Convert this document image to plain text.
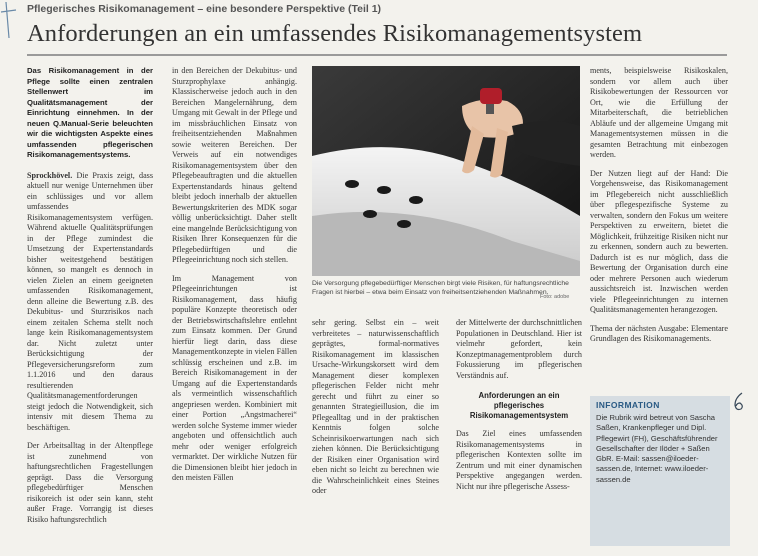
Pflegerisches Risikomanagement – eine besondere Perspektive (Teil 1)
Anforderungen an ein umfassendes Risikomanagementsystem

Das Risikomanagement in der Pflege sollte einen zentralen Stellenwert im Qualitätsmanagement der Einrichtung einnehmen. In der neuen Q.Manual-Serie beleuchten wir die wichtigsten Aspekte eines umfassenden pflegerischen Risikomanagementsystems.

Sprockhövel. Die Praxis zeigt, dass aktuell nur wenige Unternehmen über ein schlüssiges und vor allem umfassendes Risikomanagementsystem verfügen. Während aktuelle Qualitätsprüfungen in der Pflege zumindest die Umsetzung der Expertenstandards bisher weitestgehend bestätigen können, so mangelt es dennoch in vielen Zielen an einem geeigneten umfassenden Risikomanagement, denn alleine die Bewertung z.B. des Dekubitus- und Sturzrisikos nach einem zeitalen Schema stellt noch lange kein Risikomanagementsystem dar. Nicht zuletzt unter Berücksichtigung der Pflegeversicherungsreform zum 1.1.2016 und den daraus resultierenden Qualitätsmanagementforderungen steigt jedoch die Notwendigkeit, sich intensiv mit diesem Thema zu beschäftigen.

Der Arbeitsalltag in der Altenpflege ist zunehmend von haftungsrechtlichen Fragestellungen geprägt. Dass die Versorgung pflegebedürftiger Menschen risikoreich ist oder sein kann, steht außer Frage. Vorrangig ist dieses Risiko haftungsrechtlich

in den Bereichen der Dekubitus- und Sturzprophylaxe anhängig. Klassischerweise jedoch auch in den Bereichen Mangelernährung, dem Umgang mit Gewalt in der Pflege und im missbräuchlichen Einsatz von freiheitsentziehenden Maßnahmen sowie weiteren Bereichen. Der Verweis auf ein notwendiges Risikomanagementsystem über den Pflegebeauftragten und die aktuellen Expertenstandards hinaus geltend bleibt jedoch innerhalb der aktuellen Bewertungskriterien des MDK sogar völlig unberücksichtigt. Daher stellt eine mangelnde Berücksichtigung von Risiken Ihrer Konsequenzen für die Pflegebedürftigen und die Pflegeeinrichtung noch sich stellen.

Im Management von Pflegeeinrichtungen ist Risikomanagement, dass häufig populäre Konzepte theoretisch oder der Betriebswirtschaftslehre entlehnt zum Einsatz kommen. Der Grund hierfür liegt darin, dass diese Managementkonzepte in vielen Fällen schlüssig erscheinen und z.B. im Bereich Risikomanagement in der Umgang auf die Expertenstandards als vermeintlich wissenschaftlich angepriesen werden. Kombiniert mit einer Portion „Angstmacherei“ werden solche Systeme immer wieder angeboten und offensichtlich auch mehr oder weniger erfolgreich vermarktet. Der wirkliche Nutzen für die Dimensionen bleibt hier jedoch in den meisten Fällen

Die Versorgung pflegebedürftiger Menschen birgt viele Risiken, für haftungsrechtliche Fragen ist hierbei – etwa beim Einsatz von freiheitsentziehenden Maßnahmen.
Foto: adobe

sehr gering. Selbst ein – weit verbreitetes – naturwissenschaftlich geprägtes, formal-normatives Risikomanagement im klassischen Ursache-Wirkungskorsett wird dem Management dieser komplexen pflegerischen Felder nicht mehr gerecht und führt zu einer so genannten Strategieillusion, die im Pflegealltag und in der praktischen Kenntnis folgen solche Scheinrisikoerwartungen nach sich ziehen können. Die Berücksichtigung der Risiken einer Organisation wird eben nicht so leicht zu berechnen wie die Wahrscheinlichkeit eines Steines oder

der Mittelwerte der durchschnittlichen Populationen in Deutschland. Hier ist vielmehr gefordert, kein Konzeptmanagementproblem durch Fokussierung im pflegerischen Verständnis auf.

Anforderungen an ein pflegerisches Risikomanagementsystem

Das Ziel eines umfassenden Risikomanagementsystems in pflegerischen Kontexten sollte im Zentrum und mit einer dynamischen Perspektive angegangen werden. Nicht nur ihre pflegerische Assess-

ments, beispielsweise Risikoskalen, sondern vor allem auch über Risikobewertungen der Ressourcen vor Ort, wie die Erfüllung der Mitarbeiterschaft, die betrieblichen Abläufe und der allgemeine Umgang mit Managementsystemen müssen in die gesamten Betrachtung mit einbezogen werden.

Der Nutzen liegt auf der Hand: Die Vorgehensweise, das Risikomanagement im Pflegebereich nicht ausschließlich über pflegespezifische Systeme zu verwalten, sondern den Fokus um weitere Perspektiven zu erweitern, bietet die Möglichkeit, frühzeitige Risiken nicht nur zu erkennen, sondern auch zu bewerten. Dadurch ist es nur möglich, dass die Bewertung der Organisation durch eine oder mehrere Personen auch wiederum aussichtsreich ist. Inzwischen werden viele Pflegeeinrichtungen zu internen Qualitätsmanagementen herangezogen.

Thema der nächsten Ausgabe: Elementare Grundlagen des Risikomanagements.

INFORMATION
Die Rubrik wird betreut von Sascha Saßen, Krankenpfleger und Dipl. Pflegewirt (FH), Geschäftsführender Gesellschafter der Ilöder + Saßen GbR. E-Mail: sassen@iloeder-sassen.de, Internet: www.iloeder-sassen.de
